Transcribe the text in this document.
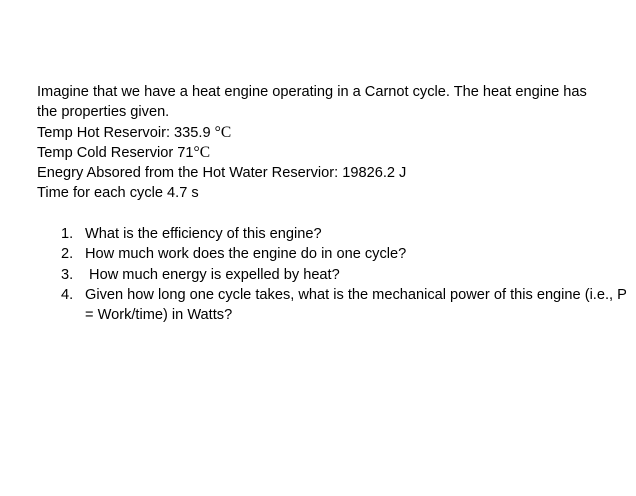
Imagine that we have a heat engine operating in a Carnot cycle. The heat engine has
the properties given.
Temp Hot Reservoir: 335.9 °C
Temp Cold Reservior 71°C
Enegry Absored from the Hot Water Reservior: 19826.2 J
Time for each cycle 4.7 s
1. What is the efficiency of this engine?
2. How much work does the engine do in one cycle?
3. How much energy is expelled by heat?
4. Given how long one cycle takes, what is the mechanical power of this engine (i.e., P = Work/time) in Watts?
